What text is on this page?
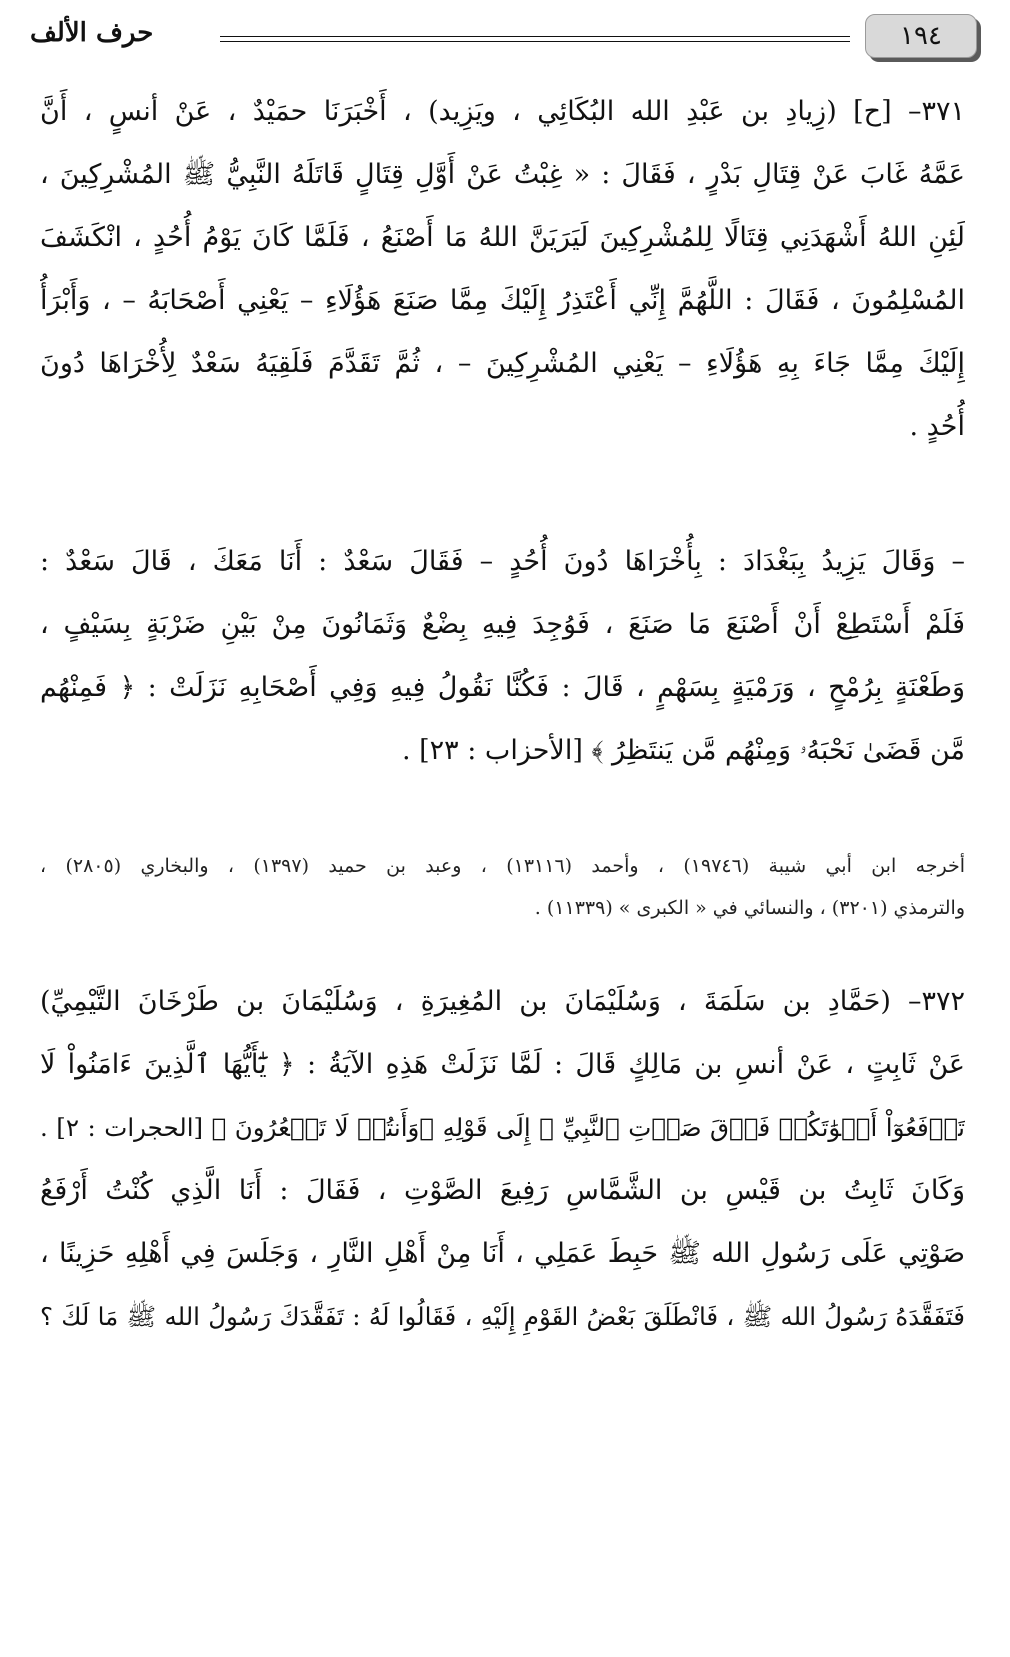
١٩٤
حرف الألف
٣٧١– [ح] (زِيادِ بن عَبْدِ الله البُكَائِي ، ويَزِيد) ، أَخْبَرَنَا حمَيْدٌ ، عَنْ أنسٍ ، أَنَّ
عَمَّهُ غَابَ عَنْ قِتَالِ بَدْرٍ ، فَقَالَ : « غِبْتُ عَنْ أَوَّلِ قِتَالٍ قَاتَلَهُ النَّبِيُّ ﷺ المُشْرِكِينَ ،
لَئِنِ اللهُ أَشْهَدَنِي قِتَالًا لِلمُشْرِكِينَ لَيَرَيَنَّ اللهُ مَا أَصْنَعُ ، فَلَمَّا كَانَ يَوْمُ أُحُدٍ ، انْكَشَفَ
المُسْلِمُونَ ، فَقَالَ : اللَّهُمَّ إِنِّي أَعْتَذِرُ إِلَيْكَ مِمَّا صَنَعَ هَؤُلَاءِ – يَعْنِي أَصْحَابَهُ – ، وَأَبْرَأُ
إِلَيْكَ مِمَّا جَاءَ بِهِ هَؤُلَاءِ – يَعْنِي المُشْرِكِينَ – ، ثُمَّ تَقَدَّمَ فَلَقِيَهُ سَعْدٌ لِأُخْرَاهَا دُونَ
أُحُدٍ .
– وَقَالَ يَزِيدُ بِبَغْدَادَ : بِأُخْرَاهَا دُونَ أُحُدٍ – فَقَالَ سَعْدٌ : أَنَا مَعَكَ ، قَالَ سَعْدٌ :
فَلَمْ أَسْتَطِعْ أَنْ أَصْنَعَ مَا صَنَعَ ، فَوُجِدَ فِيهِ بِضْعٌ وَثَمَانُونَ مِنْ بَيْنِ ضَرْبَةٍ بِسَيْفٍ ،
وَطَعْنَةٍ بِرُمْحٍ ، وَرَمْيَةٍ بِسَهْمٍ ، قَالَ : فَكُنَّا نَقُولُ فِيهِ وَفِي أَصْحَابِهِ نَزَلَتْ : ﴿ فَمِنْهُم
مَّن قَضَىٰ نَحْبَهُۥ وَمِنْهُم مَّن يَنتَظِرُ ﴾ [الأحزاب : ٢٣] .
أخرجه ابن أبي شيبة (١٩٧٤٦) ، وأحمد (١٣١١٦) ، وعبد بن حميد (١٣٩٧) ، والبخاري (٢٨٠٥) ،
والترمذي (٣٢٠١) ، والنسائي في « الكبرى » (١١٣٣٩) .
٣٧٢– (حَمَّادِ بن سَلَمَةَ ، وَسُلَيْمَانَ بن المُغِيرَةِ ، وَسُلَيْمَانَ بن طَرْخَانَ التَّيْمِيِّ)
عَنْ ثَابِتٍ ، عَنْ أنسِ بن مَالِكٍ قَالَ : لَمَّا نَزَلَتْ هَذِهِ الآيَةُ : ﴿ يَٰٓأَيُّهَا ٱلَّذِينَ ءَامَنُواْ لَا
تَرۡفَعُوٓاْ أَصۡوَٰتَكُمۡ فَوۡقَ صَوۡتِ ٱلنَّبِيِّ ﴾ إِلَى قَوْلِهِ ﴿وَأَنتُمۡ لَا تَشۡعُرُونَ ﴾ [الحجرات : ٢] .
وَكَانَ ثَابِتُ بن قَيْسِ بن الشَّمَّاسِ رَفِيعَ الصَّوْتِ ، فَقَالَ : أَنَا الَّذِي كُنْتُ أَرْفَعُ
صَوْتِي عَلَى رَسُولِ الله ﷺ حَبِطَ عَمَلِي ، أَنَا مِنْ أَهْلِ النَّارِ ، وَجَلَسَ فِي أَهْلِهِ حَزِينًا ،
فَتَفَقَّدَهُ رَسُولُ الله ﷺ ، فَانْطَلَقَ بَعْضُ القَوْمِ إِلَيْهِ ، فَقَالُوا لَهُ : تَفَقَّدَكَ رَسُولُ الله ﷺ مَا لَكَ ؟
